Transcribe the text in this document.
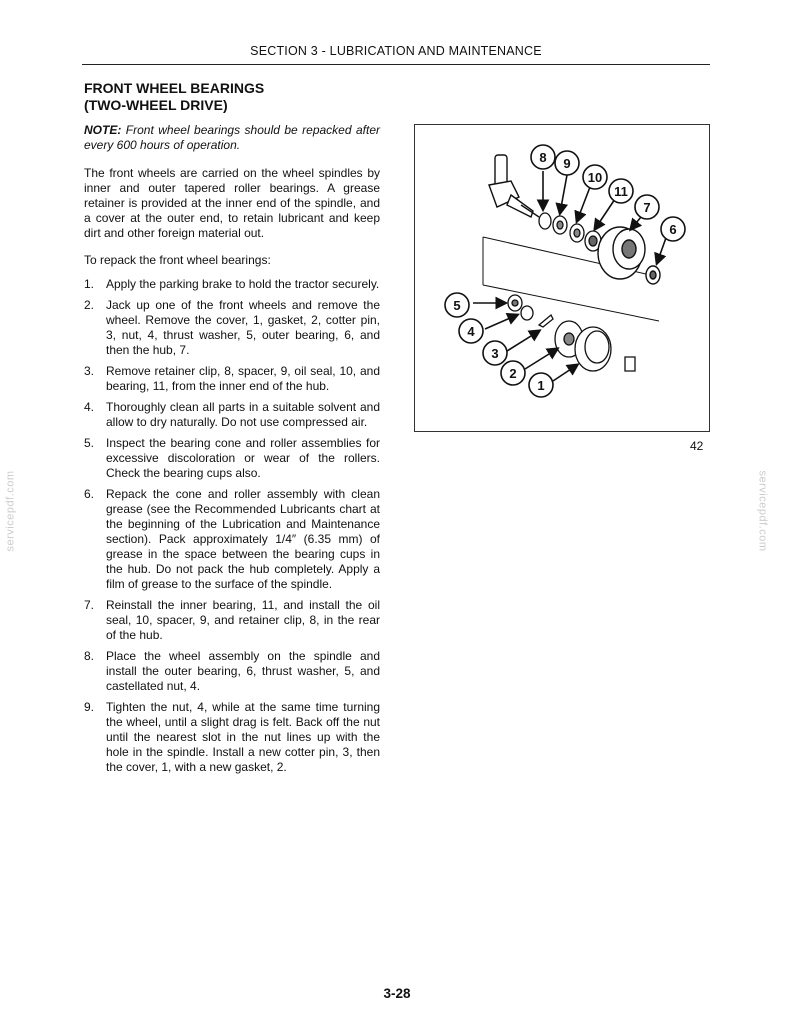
SECTION 3 - LUBRICATION AND MAINTENANCE
FRONT WHEEL BEARINGS
(TWO-WHEEL DRIVE)
NOTE: Front wheel bearings should be repacked after every 600 hours of operation.
The front wheels are carried on the wheel spindles by inner and outer tapered roller bearings. A grease retainer is provided at the inner end of the spindle, and a cover at the outer end, to retain lubricant and keep dirt and other foreign material out.
To repack the front wheel bearings:
1. Apply the parking brake to hold the tractor securely.
2. Jack up one of the front wheels and remove the wheel. Remove the cover, 1, gasket, 2, cotter pin, 3, nut, 4, thrust washer, 5, outer bearing, 6, and then the hub, 7.
3. Remove retainer clip, 8, spacer, 9, oil seal, 10, and bearing, 11, from the inner end of the hub.
4. Thoroughly clean all parts in a suitable solvent and allow to dry naturally. Do not use compressed air.
5. Inspect the bearing cone and roller assemblies for excessive discoloration or wear of the rollers. Check the bearing cups also.
6. Repack the cone and roller assembly with clean grease (see the Recommended Lubricants chart at the beginning of the Lubrication and Maintenance section). Pack approximately 1/4″ (6.35 mm) of grease in the space between the bearing cups in the hub. Do not pack the hub completely. Apply a film of grease to the surface of the spindle.
7. Reinstall the inner bearing, 11, and install the oil seal, 10, spacer, 9, and retainer clip, 8, in the rear of the hub.
8. Place the wheel assembly on the spindle and install the outer bearing, 6, thrust washer, 5, and castellated nut, 4.
9. Tighten the nut, 4, while at the same time turning the wheel, until a slight drag is felt. Back off the nut until the nearest slot in the nut lines up with the hole in the spindle. Install a new cotter pin, 3, then the cover, 1, with a new gasket, 2.
8 9
10
11
7
6
5
4
3
2
1
42
servicepdf.com	servicepdf.com
3-28
